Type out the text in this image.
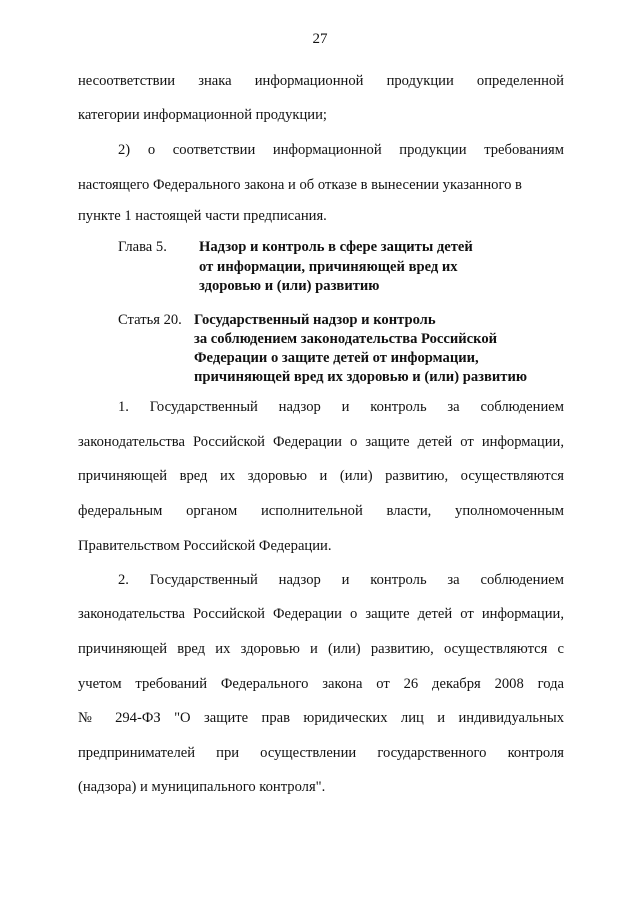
27
несоответствии знака информационной продукции определенной
категории информационной продукции;
2) о соответствии информационной продукции требованиям
настоящего Федерального закона и об отказе в вынесении указанного в
пункте 1 настоящей части предписания.
Глава 5. Надзор и контроль в сфере защиты детей
от информации, причиняющей вред их
здоровью и (или) развитию
Статья 20. Государственный надзор и контроль
за соблюдением законодательства Российской
Федерации о защите детей от информации,
причиняющей вред их здоровью и (или) развитию
1. Государственный надзор и контроль за соблюдением
законодательства Российской Федерации о защите детей от информации,
причиняющей вред их здоровью и (или) развитию, осуществляются
федеральным органом исполнительной власти, уполномоченным
Правительством Российской Федерации.
2. Государственный надзор и контроль за соблюдением
законодательства Российской Федерации о защите детей от информации,
причиняющей вред их здоровью и (или) развитию, осуществляются с
учетом требований Федерального закона от 26 декабря 2008 года
№ 294-ФЗ "О защите прав юридических лиц и индивидуальных
предпринимателей при осуществлении государственного контроля
(надзора) и муниципального контроля".
